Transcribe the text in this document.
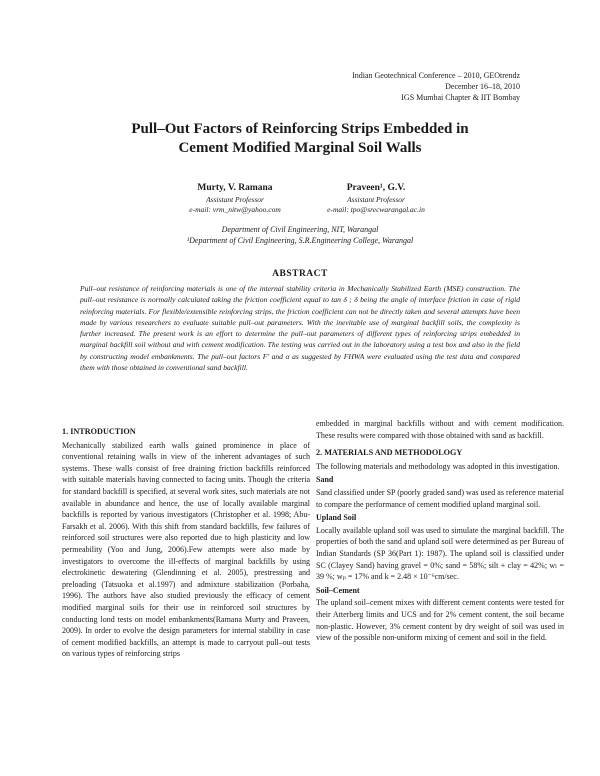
Indian Geotechnical Conference – 2010, GEOtrendz
December 16–18, 2010
IGS Mumbai Chapter & IIT Bombay
Pull–Out Factors of Reinforcing Strips Embedded in
Cement Modified Marginal Soil Walls
Murty, V. Ramana
Assistant Professor
e-mail: vrm_nitw@yahoo.com
Praveen¹, G.V.
Assistant Professor
e-mail: tpo@srecwarangal.ac.in
Department of Civil Engineering, NIT, Warangal
¹Department of Civil Engineering, S.R.Engineering College, Warangal
ABSTRACT
Pull–out resistance of reinforcing materials is one of the internal stability criteria in Mechanically Stabilized Earth (MSE) construction. The pull–out resistance is normally calculated taking the friction coefficient equal to tan δ ; δ being the angle of interface friction in case of rigid reinforcing materials. For flexible/extensible reinforcing strips, the friction coefficient can not be directly taken and several attempts have been made by various researchers to evaluate suitable pull–out parameters. With the inevitable use of marginal backfill soils, the complexity is further increased. The present work is an effort to determine the pull–out parameters of different types of reinforcing strips embedded in marginal backfill soil without and with cement modification. The testing was carried out in the laboratory using a test box and also in the field by constructing model embankments. The pull–out factors F' and α as suggested by FHWA were evaluated using the test data and compared them with those obtained in conventional sand backfill.

1. INTRODUCTION

Mechanically stabilized earth walls gained prominence in place of conventional retaining walls in view of the inherent advantages of such systems. These walls consist of free draining friction backfills reinforced with suitable materials having connected to facing units. Though the criteria for standard backfill is specified, at several work sites, such materials are not available in abundance and hence, the use of locally available marginal backfills is reported by various investigators (Christopher et al. 1998; Abu-Farsakh et al. 2006). With this shift from standard backfills, few failures of reinforced soil structures were also reported due to high plasticity and low permeability (Yoo and Jung, 2006).Few attempts were also made by investigators to overcome the ill-effects of marginal backfills by using electrokinetic dewatering (Glendinning et al. 2005), prestressing and preloading (Tatsuoka et al.1997) and admixture stabilization (Porbaha, 1996). The authors have also studied previously the efficacy of cement modified marginal soils for their use in reinforced soil structures by conducting lond tests on model embankments(Ramana Murty and Praveen, 2009). In order to evolve the design parameters for internal stability in case of cement modified backfills, an attempt is made to carryout pull–out tests on various types of reinforcing strips

embedded in marginal backfills without and with cement modification. These results were compared with those obtained with sand as backfill.

2. MATERIALS AND METHODOLOGY

The following materials and methodology was adopted in this investigation.

Sand

Sand classified under SP (poorly graded sand) was used as reference material to compare the performance of cement modified upland marginal soil.

Upland Soil

Locally available upland soil was used to simulate the marginal backfill. The properties of both the sand and upland soil were determined as per Bureau of Indian Standards (SP 36(Part 1): 1987). The upland soil is classified under SC (Clayey Sand) having gravel = 0%; sand = 58%; silt + clay = 42%; wₗ = 39 %; wₚ = 17% and k = 2.48 × 10⁻⁶cm/sec.

Soil–Cement

The upland soil–cement mixes with different cement contents were tested for their Atterberg limits and UCS and for 2% cement content, the soil became non-plastic. However, 3% cement content by dry weight of soil was used in view of the possible non-uniform mixing of cement and soil in the field.
